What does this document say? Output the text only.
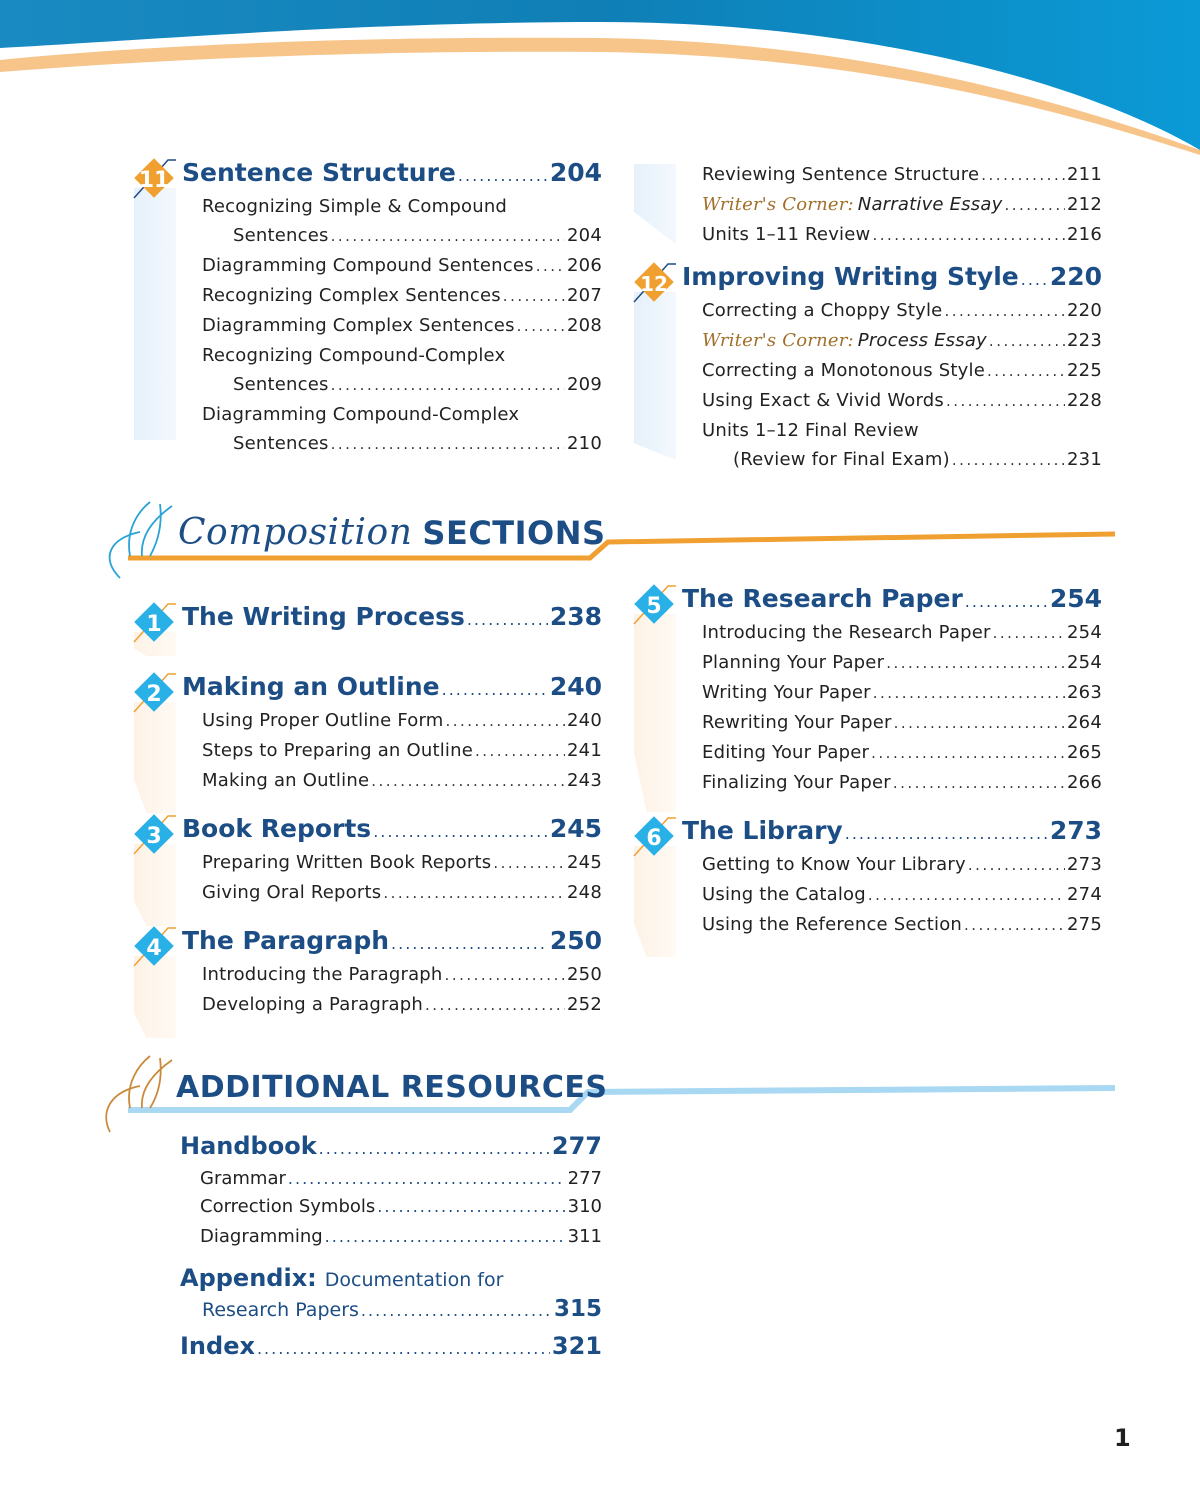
11 Sentence Structure .....	204
Recognizing Simple & Compound
Sentences .....	204
Diagramming Compound Sentences ..... 206
Recognizing Complex Sentences .....	207
Diagramming Complex Sentences .....	208
Recognizing Compound-Complex
Sentences .....	209
Diagramming Compound-Complex
Sentences .....	210
Reviewing Sentence Structure .....	211
Writer's Corner: Narrative Essay .....	212
Units 1–11 Review .....	216
12 Improving Writing Style ..... 220
Correcting a Choppy Style .....	220
Writer's Corner: Process Essay .....	223
Correcting a Monotonous Style .....	225
Using Exact & Vivid Words .....	228
Units 1–12 Final Review
(Review for Final Exam) .....	231
Composition SECTIONS
1 The Writing Process .....	238
2 Making an Outline .....	240
Using Proper Outline Form .....	240
Steps to Preparing an Outline .....	241
Making an Outline .....	243
3 Book Reports .....	245
Preparing Written Book Reports .....	245
Giving Oral Reports .....	248
4 The Paragraph .....	250
Introducing the Paragraph .....	250
Developing a Paragraph .....	252
5 The Research Paper .....	254
Introducing the Research Paper .....	254
Planning Your Paper .....	254
Writing Your Paper .....	263
Rewriting Your Paper .....	264
Editing Your Paper .....	265
Finalizing Your Paper .....	266
6 The Library .....	273
Getting to Know Your Library .....	273
Using the Catalog .....	274
Using the Reference Section .....	275
ADDITIONAL RESOURCES
Handbook .....	277
Grammar .....	277
Correction Symbols .....	310
Diagramming .....	311
Appendix: Documentation for
Research Papers .....	315
Index .....	321
1
